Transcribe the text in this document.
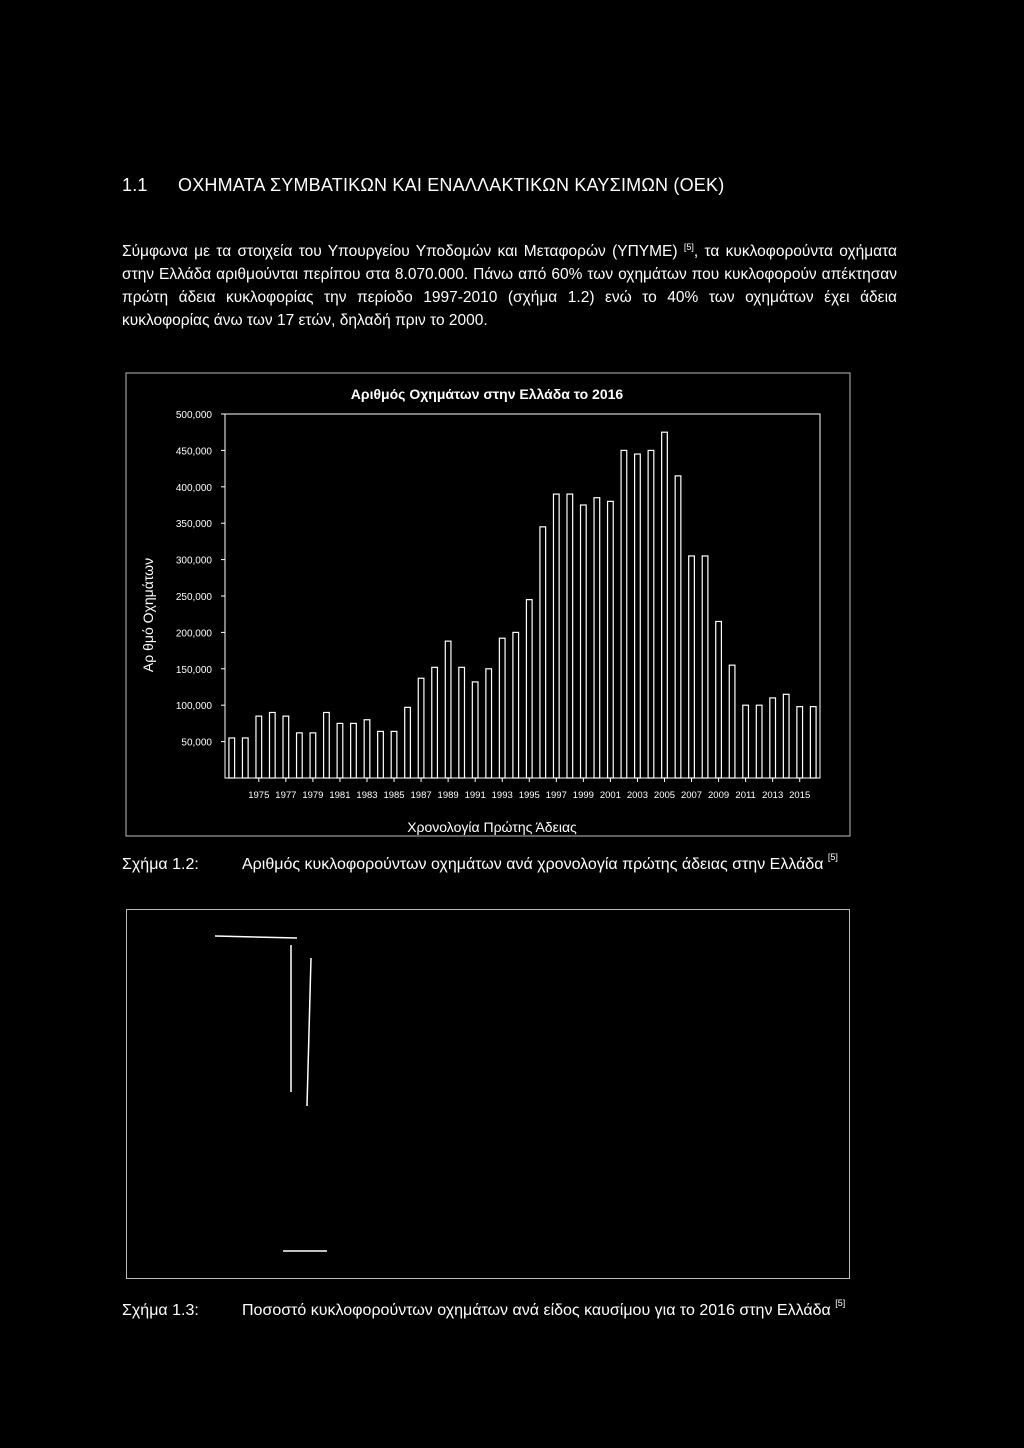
1.1 ΟΧΗΜΑΤΑ ΣΥΜΒΑΤΙΚΩΝ ΚΑΙ ΕΝΑΛΛΑΚΤΙΚΩΝ ΚΑΥΣΙΜΩΝ (ΟΕΚ)

Σύμφωνα με τα στοιχεία του Υπουργείου Υποδομών και Μεταφορών (ΥΠΥΜΕ) [5], τα κυκλοφορούντα οχήματα στην Ελλάδα αριθμούνται περίπου στα 8.070.000. Πάνω από 60% των οχημάτων που κυκλοφορούν απέκτησαν πρώτη άδεια κυκλοφορίας την περίοδο 1997-2010 (σχήμα 1.2) ενώ το 40% των οχημάτων έχει άδεια κυκλοφορίας άνω των 17 ετών, δηλαδή πριν το 2000.

Αριθμός Οχημάτων στην Ελλάδα το 2016
Χρονολογία Πρώτης Άδειας
Αρ θμό Οχημάτων
50,000
100,000
150,000
200,000
250,000
300,000
350,000
400,000
450,000
500,000
1975 1977 1979 1981 1983 1985 1987 1989 1991 1993 1995 1997 1999 2001 2003 2005 2007 2009 2011 2013 2015
Σχήμα 1.2:	Αριθμός κυκλοφορούντων οχημάτων ανά χρονολογία πρώτης άδειας στην Ελλάδα [5]
Σχήμα 1.3:	Ποσοστό κυκλοφορούντων οχημάτων ανά είδος καυσίμου για το 2016 στην Ελλάδα [5]
